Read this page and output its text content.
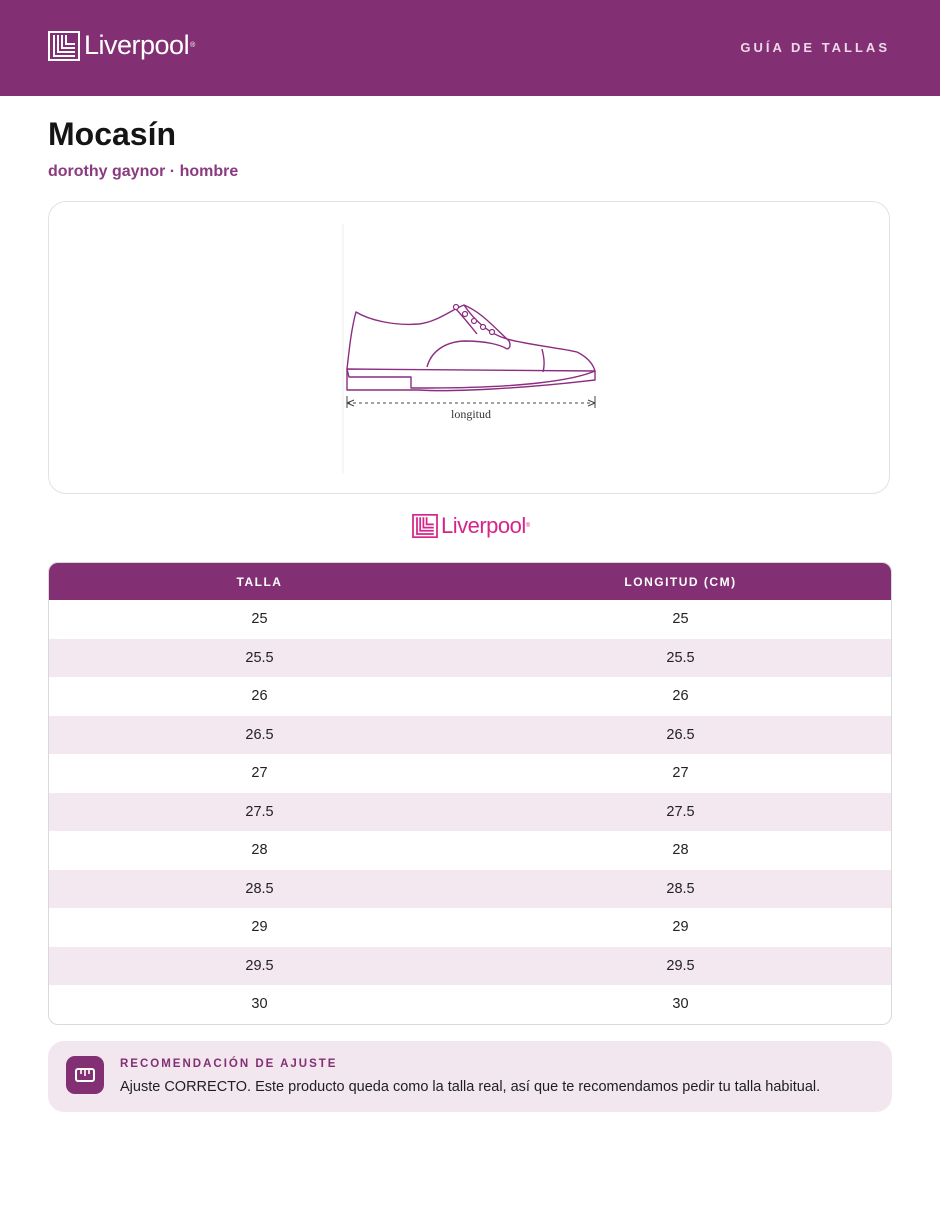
Liverpool ®	GUÍA DE TALLAS
Mocasín
dorothy gaynor · hombre
longitud
Liverpool ®
TALLA	LONGITUD (CM)
25	25
25.5	25.5
26	26
26.5	26.5
27	27
27.5	27.5
28	28
28.5	28.5
29	29
29.5	29.5
30	30
RECOMENDACIÓN DE AJUSTE
Ajuste CORRECTO. Este producto queda como la talla real, así que te recomendamos pedir tu talla habitual.
